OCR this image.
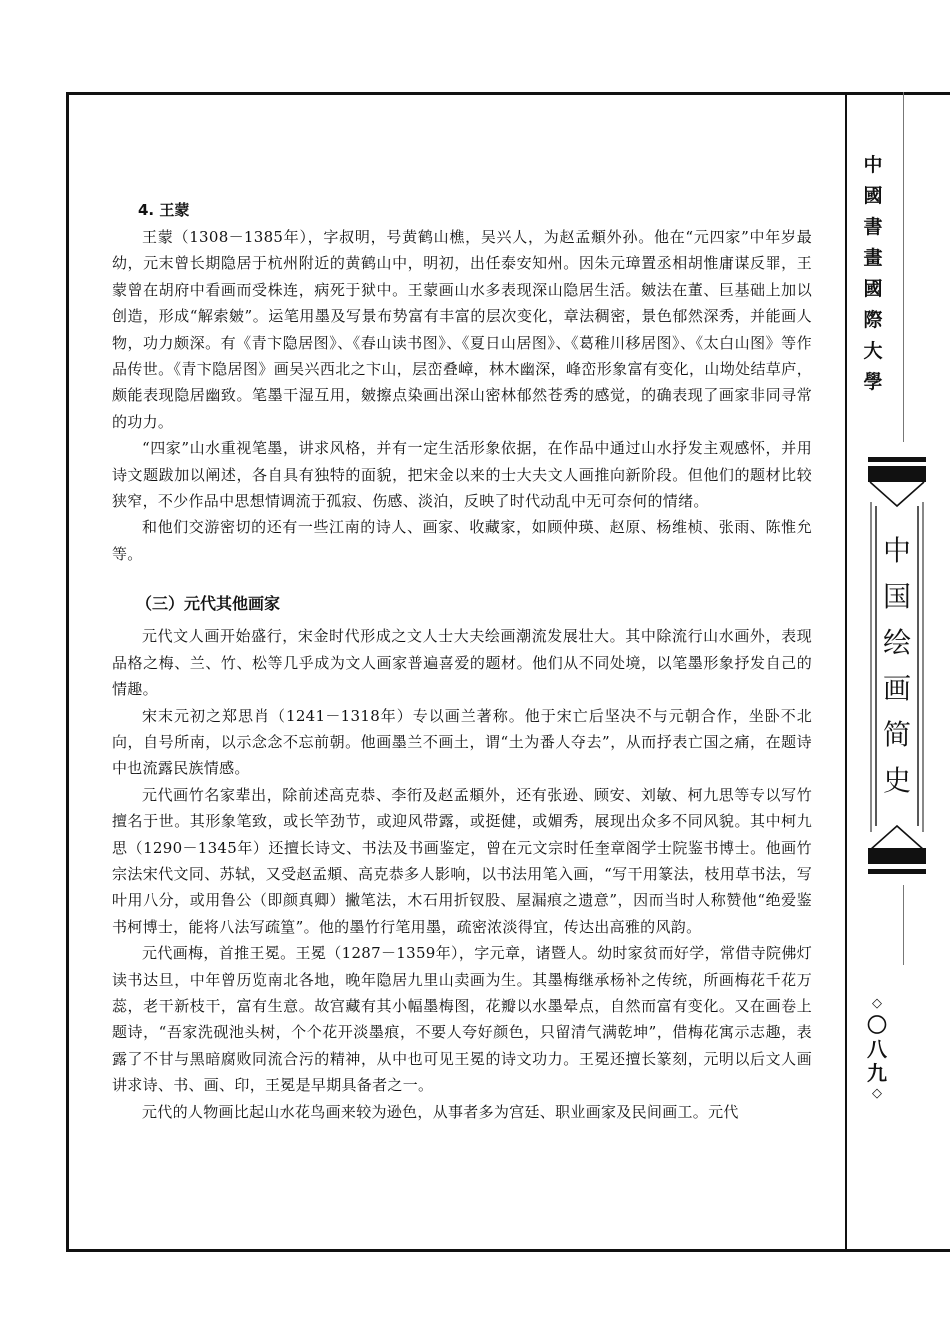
4. 王蒙

王蒙（1308－1385年），字叔明，号黄鹤山樵，吴兴人，为赵孟頫外孙。他在“元四家”中年岁最幼，元末曾长期隐居于杭州附近的黄鹤山中，明初，出任泰安知州。因朱元璋置丞相胡惟庸谋反罪，王蒙曾在胡府中看画而受株连，病死于狱中。王蒙画山水多表现深山隐居生活。皴法在董、巨基础上加以创造，形成“解索皴”。运笔用墨及写景布势富有丰富的层次变化，章法稠密，景色郁然深秀，并能画人物，功力颇深。有《青卞隐居图》、《春山读书图》、《夏日山居图》、《葛稚川移居图》、《太白山图》等作品传世。《青卞隐居图》画吴兴西北之卞山，层峦叠嶂，林木幽深，峰峦形象富有变化，山坳处结草庐，颇能表现隐居幽致。笔墨干湿互用，皴擦点染画出深山密林郁然苍秀的感觉，的确表现了画家非同寻常的功力。

“四家”山水重视笔墨，讲求风格，并有一定生活形象依据，在作品中通过山水抒发主观感怀，并用诗文题跋加以阐述，各自具有独特的面貌，把宋金以来的士大夫文人画推向新阶段。但他们的题材比较狭窄，不少作品中思想情调流于孤寂、伤感、淡泊，反映了时代动乱中无可奈何的情绪。

和他们交游密切的还有一些江南的诗人、画家、收藏家，如顾仲瑛、赵原、杨维桢、张雨、陈惟允等。

（三）元代其他画家

元代文人画开始盛行，宋金时代形成之文人士大夫绘画潮流发展壮大。其中除流行山水画外，表现品格之梅、兰、竹、松等几乎成为文人画家普遍喜爱的题材。他们从不同处境，以笔墨形象抒发自己的情趣。

宋末元初之郑思肖（1241－1318年）专以画兰著称。他于宋亡后坚决不与元朝合作，坐卧不北向，自号所南，以示念念不忘前朝。他画墨兰不画土，谓“土为番人夺去”，从而抒表亡国之痛，在题诗中也流露民族情感。

元代画竹名家辈出，除前述高克恭、李衎及赵孟頫外，还有张逊、顾安、刘敏、柯九思等专以写竹擅名于世。其形象笔致，或长竿劲节，或迎风带露，或挺健，或媚秀，展现出众多不同风貌。其中柯九思（1290－1345年）还擅长诗文、书法及书画鉴定，曾在元文宗时任奎章阁学士院鉴书博士。他画竹宗法宋代文同、苏轼，又受赵孟頫、高克恭多人影响，以书法用笔入画，“写干用篆法，枝用草书法，写叶用八分，或用鲁公（即颜真卿）撇笔法，木石用折钗股、屋漏痕之遗意”，因而当时人称赞他“绝爱鉴书柯博士，能将八法写疏篁”。他的墨竹行笔用墨，疏密浓淡得宜，传达出高雅的风韵。

元代画梅，首推王冕。王冕（1287－1359年），字元章，诸暨人。幼时家贫而好学，常借寺院佛灯读书达旦，中年曾历览南北各地，晚年隐居九里山卖画为生。其墨梅继承杨补之传统，所画梅花千花万蕊，老干新枝干，富有生意。故宫藏有其小幅墨梅图，花瓣以水墨晕点，自然而富有变化。又在画卷上题诗，“吾家洗砚池头树，个个花开淡墨痕，不要人夸好颜色，只留清气满乾坤”，借梅花寓示志趣，表露了不甘与黑暗腐败同流合污的精神，从中也可见王冕的诗文功力。王冕还擅长篆刻，元明以后文人画讲求诗、书、画、印，王冕是早期具备者之一。

元代的人物画比起山水花鸟画来较为逊色，从事者多为宫廷、职业画家及民间画工。元代

中
國
書
畫
國
際
大
學
中
国
绘
画
简
史
◇
〇
八
九
◇
